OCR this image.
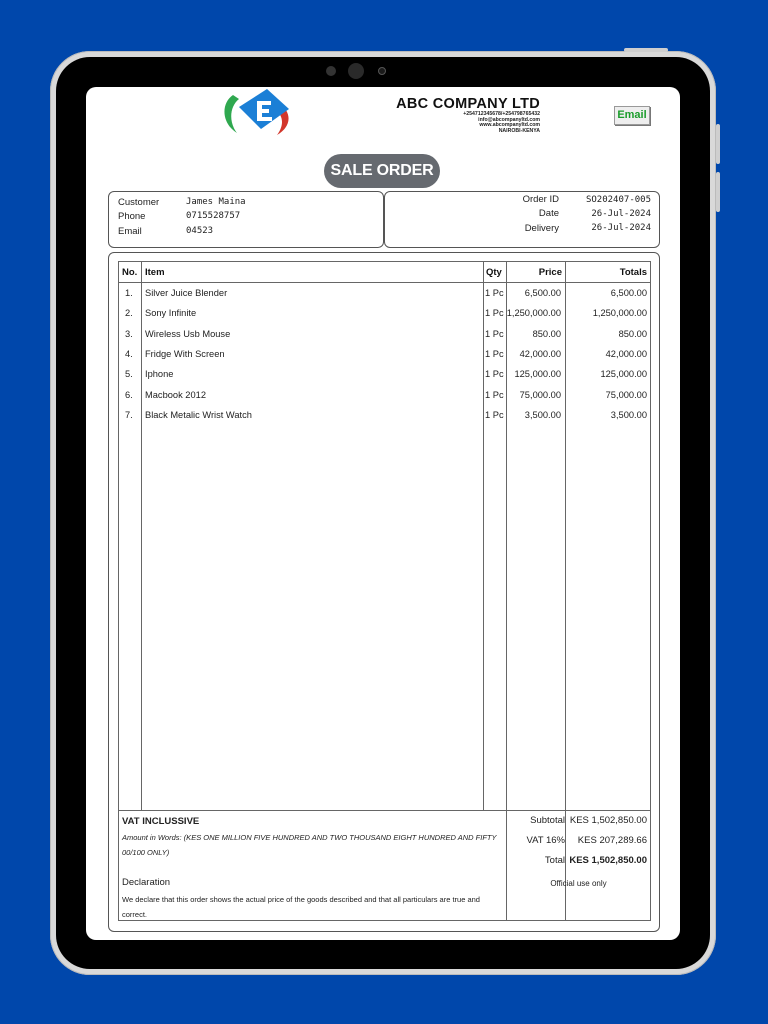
ABC COMPANY LTD
+254712345678/+254798765432
info@abcompanyltd.com
www.abcompanyltd.com
NAIROBI-KENYA
Email
SALE ORDER
Customer	James Maina
Phone	0715528757
Email	04523
Order ID	SO202407-005
Date	26-Jul-2024
Delivery	26-Jul-2024
No. Item	Qty	Price	Totals
1. Silver Juice Blender	1 Pc 6,500.00	6,500.00
2. Sony Infinite	1 Pc 1,250,000.00	1,250,000.00
3. Wireless Usb Mouse	1 Pc	850.00	850.00
4. Fridge With Screen	1 Pc 42,000.00	42,000.00
5. Iphone	1 Pc 125,000.00	125,000.00
6. Macbook 2012	1 Pc 75,000.00	75,000.00
7. Black Metalic Wrist Watch	1 Pc 3,500.00	3,500.00
VAT INCLUSSIVE
Amount in Words: (KES ONE MILLION FIVE HUNDRED AND TWO THOUSAND EIGHT HUNDRED AND FIFTY 00/100 ONLY)
Declaration
We declare that this order shows the actual price of the goods described and that all particulars are true and correct.
Subtotal KES 1,502,850.00
VAT 16% KES 207,289.66
Total KES 1,502,850.00
Official use only
